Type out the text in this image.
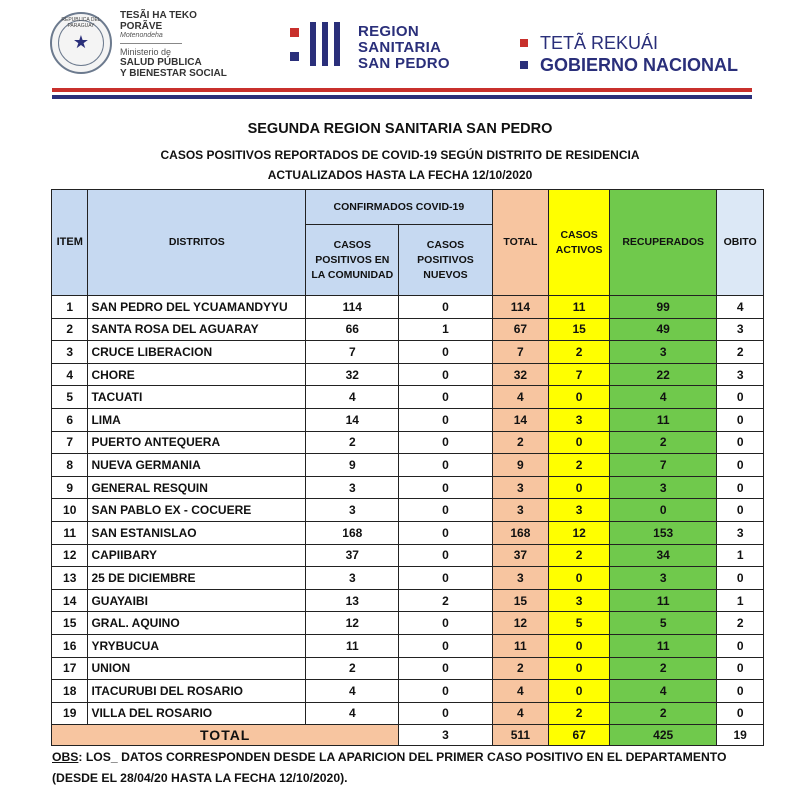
REPUBLICA DEL PARAGUAY
★
TESÃI HA TEKO
PORÃVE
Motenondeha
Ministerio de
SALUD PÚBLICA
Y BIENESTAR SOCIAL
REGION
SANITARIA
SAN PEDRO
TETÃ REKUÁI
GOBIERNO NACIONAL
SEGUNDA REGION SANITARIA SAN PEDRO
CASOS POSITIVOS REPORTADOS DE COVID-19 SEGÚN DISTRITO DE RESIDENCIA
ACTUALIZADOS HASTA LA FECHA 12/10/2020
ITEM	DISTRITOS	CONFIRMADOS COVID-19		TOTAL	CASOS ACTIVOS	RECUPERADOS	OBITO
		CASOS POSITIVOS EN LA COMUNIDAD	CASOS POSITIVOS NUEVOS				
1	SAN PEDRO DEL YCUAMANDYYU	114	0	114	11	99	4
2	SANTA ROSA DEL AGUARAY	66	1	67	15	49	3
3	CRUCE LIBERACION	7	0	7	2	3	2
4	CHORE	32	0	32	7	22	3
5	TACUATI	4	0	4	0	4	0
6	LIMA	14	0	14	3	11	0
7	PUERTO ANTEQUERA	2	0	2	0	2	0
8	NUEVA GERMANIA	9	0	9	2	7	0
9	GENERAL RESQUIN	3	0	3	0	3	0
10	SAN PABLO EX - COCUERE	3	0	3	3	0	0
11	SAN ESTANISLAO	168	0	168	12	153	3
12	CAPIIBARY	37	0	37	2	34	1
13	25 DE DICIEMBRE	3	0	3	0	3	0
14	GUAYAIBI	13	2	15	3	11	1
15	GRAL. AQUINO	12	0	12	5	5	2
16	YRYBUCUA	11	0	11	0	11	0
17	UNION	2	0	2	0	2	0
18	ITACURUBI DEL ROSARIO	4	0	4	0	4	0
19	VILLA DEL ROSARIO	4	0	4	2	2	0
TOTAL			3	511	67	425	19
OBS: LOS_ DATOS CORRESPONDEN DESDE LA APARICION DEL PRIMER CASO POSITIVO EN EL DEPARTAMENTO (DESDE EL 28/04/20 HASTA LA FECHA 12/10/2020).
